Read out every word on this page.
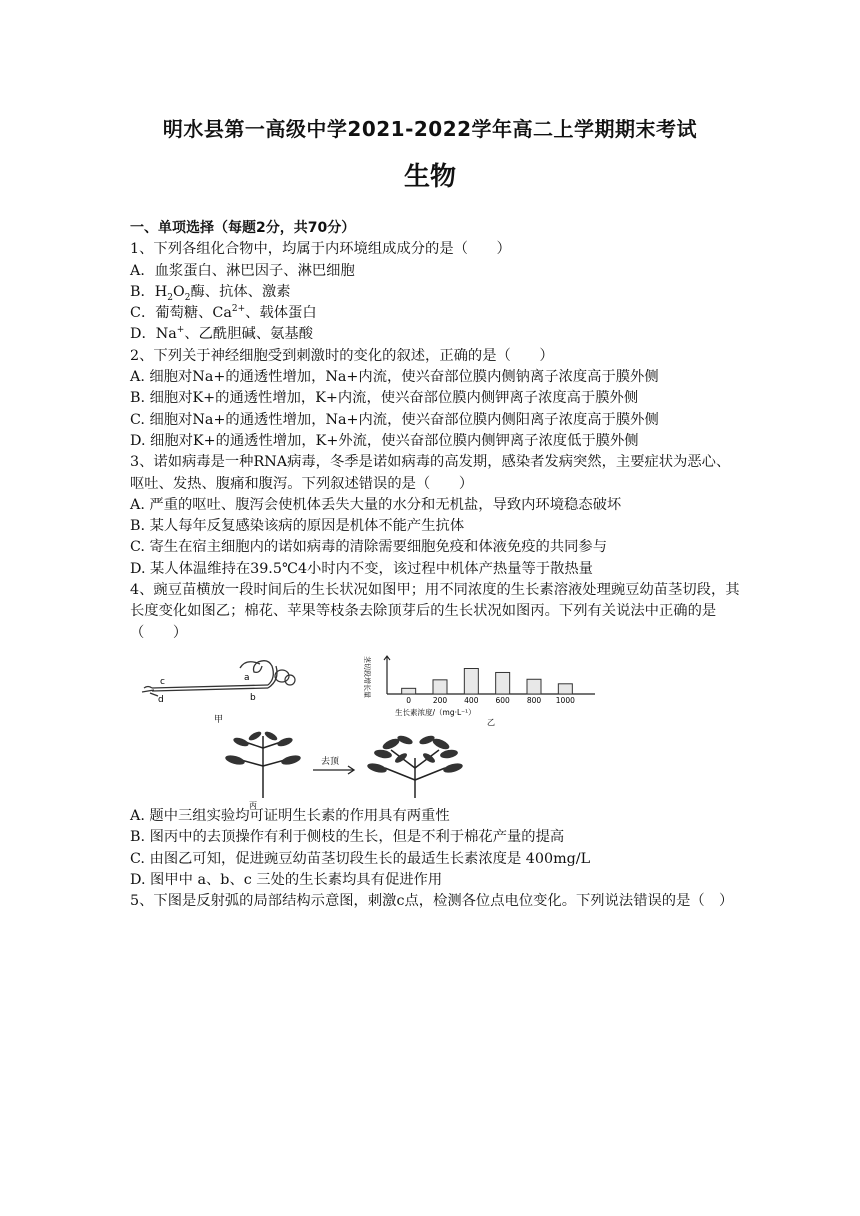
明水县第一高级中学2021-2022学年高二上学期期末考试
生物

一、单项选择（每题2分，共70分）

1、下列各组化合物中，均属于内环境组成成分的是（　　）

A．血浆蛋白、淋巴因子、淋巴细胞

B．$H_2O_2$酶、抗体、激素

C．葡萄糖、$Ca^{2+}$、载体蛋白

D．Na+、乙酰胆碱、氨基酸

2、下列关于神经细胞受到刺激时的变化的叙述，正确的是（　　）

A. 细胞对Na+的通透性增加，Na+内流，使兴奋部位膜内侧钠离子浓度高于膜外侧

B. 细胞对K+的通透性增加，K+内流，使兴奋部位膜内侧钾离子浓度高于膜外侧

C. 细胞对Na+的通透性增加，Na+内流，使兴奋部位膜内侧阳离子浓度高于膜外侧

D. 细胞对K+的通透性增加，K+外流，使兴奋部位膜内侧钾离子浓度低于膜外侧

3、诺如病毒是一种RNA病毒，冬季是诺如病毒的高发期，感染者发病突然，主要症状为恶心、呕吐、发热、腹痛和腹泻。下列叙述错误的是（　　）

A. 严重的呕吐、腹泻会使机体丢失大量的水分和无机盐，导致内环境稳态破坏

B. 某人每年反复感染该病的原因是机体不能产生抗体

C. 寄生在宿主细胞内的诺如病毒的清除需要细胞免疫和体液免疫的共同参与

D. 某人体温维持在39.5℃4小时内不变，该过程中机体产热量等于散热量

4、豌豆苗横放一段时间后的生长状况如图甲；用不同浓度的生长素溶液处理豌豆幼苗茎切段，其长度变化如图乙；棉花、苹果等枝条去除顶芽后的生长状况如图丙。下列有关说法中正确的是（　　）

c
d
a
b
甲
茎切段增长量
0	200 400 600 800 1000
生长素浓度/（mg·L⁻¹）
乙
去顶
丙

A. 题中三组实验均可证明生长素的作用具有两重性

B. 图丙中的去顶操作有利于侧枝的生长，但是不利于棉花产量的提高

C. 由图乙可知，促进豌豆幼苗茎切段生长的最适生长素浓度是 400mg/L

D. 图甲中 a、b、c 三处的生长素均具有促进作用

5、下图是反射弧的局部结构示意图，刺激c点，检测各位点电位变化。下列说法错误的是（　）
